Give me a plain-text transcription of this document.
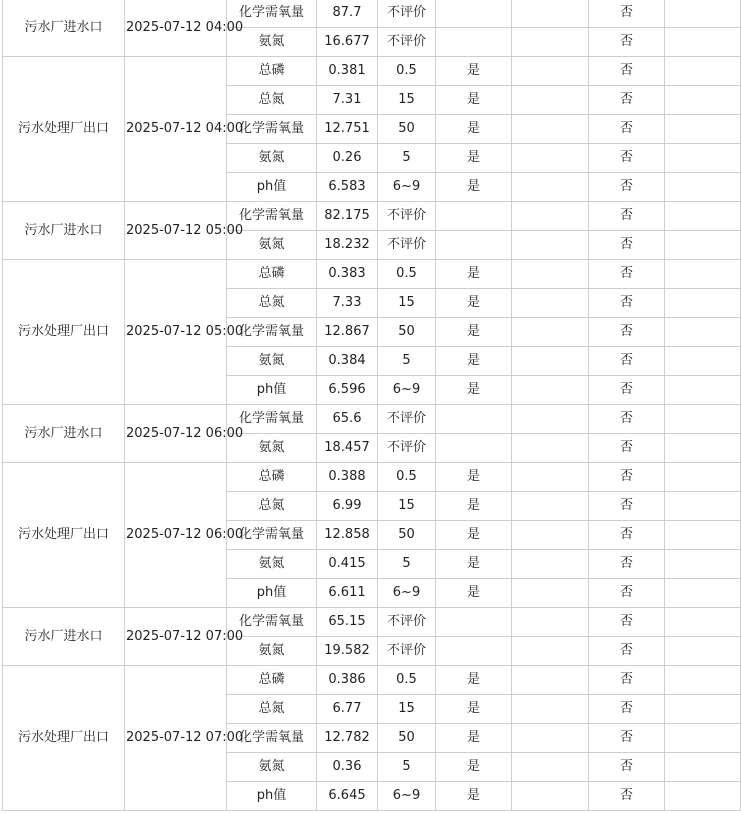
污水厂进水口	2025-07-12 04:00	化学需氧量	87.7	不评价			否	
		氨氮	16.677	不评价			否	
污水处理厂出口	2025-07-12 04:00	总磷	0.381	0.5	是		否	
		总氮	7.31	15	是		否	
		化学需氧量	12.751	50	是		否	
		氨氮	0.26	5	是		否	
		ph值	6.583	6~9	是		否	
污水厂进水口	2025-07-12 05:00	化学需氧量	82.175	不评价			否	
		氨氮	18.232	不评价			否	
污水处理厂出口	2025-07-12 05:00	总磷	0.383	0.5	是		否	
		总氮	7.33	15	是		否	
		化学需氧量	12.867	50	是		否	
		氨氮	0.384	5	是		否	
		ph值	6.596	6~9	是		否	
污水厂进水口	2025-07-12 06:00	化学需氧量	65.6	不评价			否	
		氨氮	18.457	不评价			否	
污水处理厂出口	2025-07-12 06:00	总磷	0.388	0.5	是		否	
		总氮	6.99	15	是		否	
		化学需氧量	12.858	50	是		否	
		氨氮	0.415	5	是		否	
		ph值	6.611	6~9	是		否	
污水厂进水口	2025-07-12 07:00	化学需氧量	65.15	不评价			否	
		氨氮	19.582	不评价			否	
污水处理厂出口	2025-07-12 07:00	总磷	0.386	0.5	是		否	
		总氮	6.77	15	是		否	
		化学需氧量	12.782	50	是		否	
		氨氮	0.36	5	是		否	
		ph值	6.645	6~9	是		否	
